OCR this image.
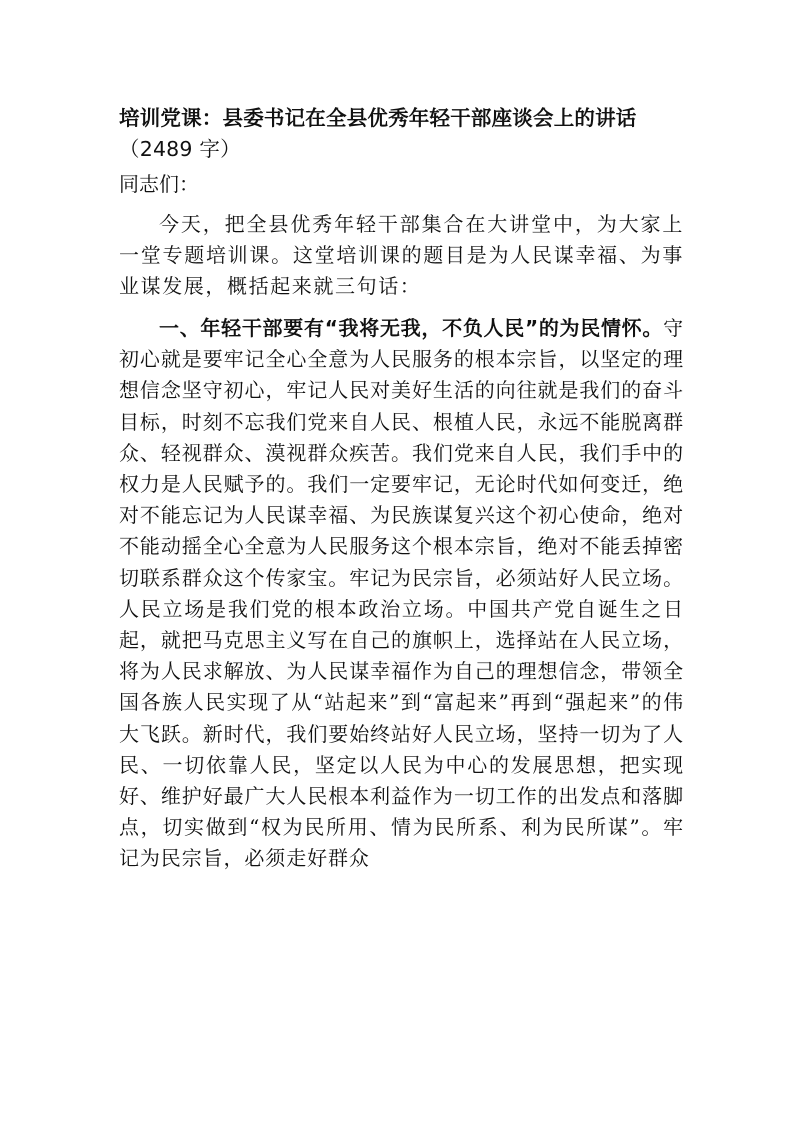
培训党课：县委书记在全县优秀年轻干部座谈会上的讲话
（2489 字）

同志们：

今天，把全县优秀年轻干部集合在大讲堂中，为大家上一堂专题培训课。这堂培训课的题目是为人民谋幸福、为事业谋发展，概括起来就三句话：

一、年轻干部要有“我将无我，不负人民”的为民情怀。守初心就是要牢记全心全意为人民服务的根本宗旨，以坚定的理想信念坚守初心，牢记人民对美好生活的向往就是我们的奋斗目标，时刻不忘我们党来自人民、根植人民，永远不能脱离群众、轻视群众、漠视群众疾苦。我们党来自人民，我们手中的权力是人民赋予的。我们一定要牢记，无论时代如何变迁，绝对不能忘记为人民谋幸福、为民族谋复兴这个初心使命，绝对不能动摇全心全意为人民服务这个根本宗旨，绝对不能丢掉密切联系群众这个传家宝。牢记为民宗旨，必须站好人民立场。人民立场是我们党的根本政治立场。中国共产党自诞生之日起，就把马克思主义写在自己的旗帜上，选择站在人民立场，将为人民求解放、为人民谋幸福作为自己的理想信念，带领全国各族人民实现了从“站起来”到“富起来”再到“强起来”的伟大飞跃。新时代，我们要始终站好人民立场，坚持一切为了人民、一切依靠人民，坚定以人民为中心的发展思想，把实现好、维护好最广大人民根本利益作为一切工作的出发点和落脚点，切实做到“权为民所用、情为民所系、利为民所谋”。牢记为民宗旨，必须走好群众
